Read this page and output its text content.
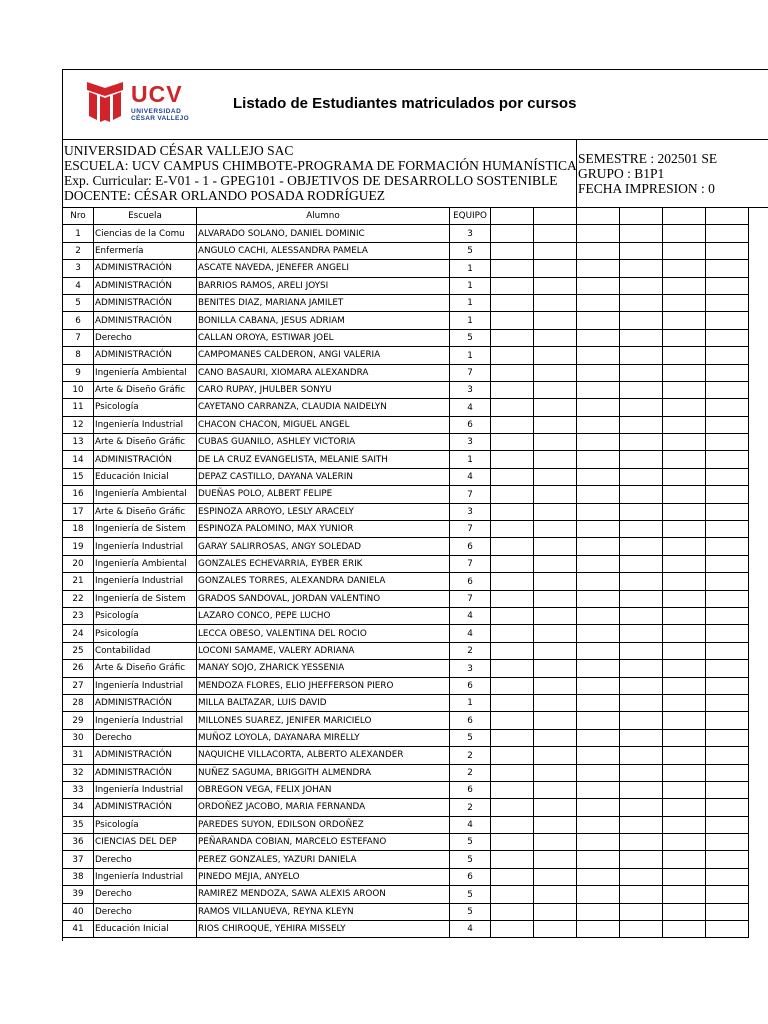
UCV
UNIVERSIDAD
CÉSAR VALLEJO
Listado de Estudiantes matriculados por cursos
UNIVERSIDAD CÉSAR VALLEJO SAC
ESCUELA: UCV CAMPUS CHIMBOTE-PROGRAMA DE FORMACIÓN HUMANÍSTICA
Exp. Curricular: E-V01 - 1 - GPEG101 - OBJETIVOS DE DESARROLLO SOSTENIBLE
DOCENTE: CÉSAR ORLANDO POSADA RODRÍGUEZ
SEMESTRE : 202501 SE
GRUPO : B1P1
FECHA IMPRESION : 0
Nro	Escuela	Alumno	EQUIPO						
1	Ciencias de la Comu	ALVARADO SOLANO, DANIEL DOMINIC	3						
2	Enfermería	ANGULO CACHI, ALESSANDRA PAMELA	5						
3	ADMINISTRACIÓN	ASCATE NAVEDA, JENEFER ANGELI	1						
4	ADMINISTRACIÓN	BARRIOS RAMOS, ARELI JOYSI	1						
5	ADMINISTRACIÓN	BENITES DIAZ, MARIANA JAMILET	1						
6	ADMINISTRACIÓN	BONILLA CABANA, JESUS ADRIAM	1						
7	Derecho	CALLAN OROYA, ESTIWAR JOEL	5						
8	ADMINISTRACIÓN	CAMPOMANES CALDERON, ANGI VALERIA	1						
9	Ingeniería Ambiental	CANO BASAURI, XIOMARA ALEXANDRA	7						
10	Arte & Diseño Gráfic	CARO RUPAY, JHULBER SONYU	3						
11	Psicología	CAYETANO CARRANZA, CLAUDIA NAIDELYN	4						
12	Ingeniería Industrial	CHACON CHACON, MIGUEL ANGEL	6						
13	Arte & Diseño Gráfic	CUBAS GUANILO, ASHLEY VICTORIA	3						
14	ADMINISTRACIÓN	DE LA CRUZ EVANGELISTA, MELANIE SAITH	1						
15	Educación Inicial	DEPAZ CASTILLO, DAYANA VALERIN	4						
16	Ingeniería Ambiental	DUEÑAS POLO, ALBERT FELIPE	7						
17	Arte & Diseño Gráfic	ESPINOZA ARROYO, LESLY ARACELY	3						
18	Ingeniería de Sistem	ESPINOZA PALOMINO, MAX YUNIOR	7						
19	Ingeniería Industrial	GARAY SALIRROSAS, ANGY SOLEDAD	6						
20	Ingeniería Ambiental	GONZALES ECHEVARRIA, EYBER ERIK	7						
21	Ingeniería Industrial	GONZALES TORRES, ALEXANDRA DANIELA	6						
22	Ingeniería de Sistem	GRADOS SANDOVAL, JORDAN VALENTINO	7						
23	Psicología	LAZARO CONCO, PEPE LUCHO	4						
24	Psicología	LECCA OBESO, VALENTINA DEL ROCIO	4						
25	Contabilidad	LOCONI SAMAME, VALERY ADRIANA	2						
26	Arte & Diseño Gráfic	MANAY SOJO, ZHARICK YESSENIA	3						
27	Ingeniería Industrial	MENDOZA FLORES, ELIO JHEFFERSON PIERO	6						
28	ADMINISTRACIÓN	MILLA BALTAZAR, LUIS DAVID	1						
29	Ingeniería Industrial	MILLONES SUAREZ, JENIFER MARICIELO	6						
30	Derecho	MUÑOZ LOYOLA, DAYANARA MIRELLY	5						
31	ADMINISTRACIÓN	NAQUICHE VILLACORTA, ALBERTO ALEXANDER	2						
32	ADMINISTRACIÓN	NUÑEZ SAGUMA, BRIGGITH ALMENDRA	2						
33	Ingeniería Industrial	OBREGON VEGA, FELIX JOHAN	6						
34	ADMINISTRACIÓN	ORDOÑEZ JACOBO, MARIA FERNANDA	2						
35	Psicología	PAREDES SUYON, EDILSON ORDOÑEZ	4						
36	CIENCIAS DEL DEP	PEÑARANDA COBIAN, MARCELO ESTEFANO	5						
37	Derecho	PEREZ GONZALES, YAZURI DANIELA	5						
38	Ingeniería Industrial	PINEDO MEJIA, ANYELO	6						
39	Derecho	RAMIREZ MENDOZA, SAWA ALEXIS AROON	5						
40	Derecho	RAMOS VILLANUEVA, REYNA KLEYN	5						
41	Educación Inicial	RIOS CHIROQUE, YEHIRA MISSELY	4						
